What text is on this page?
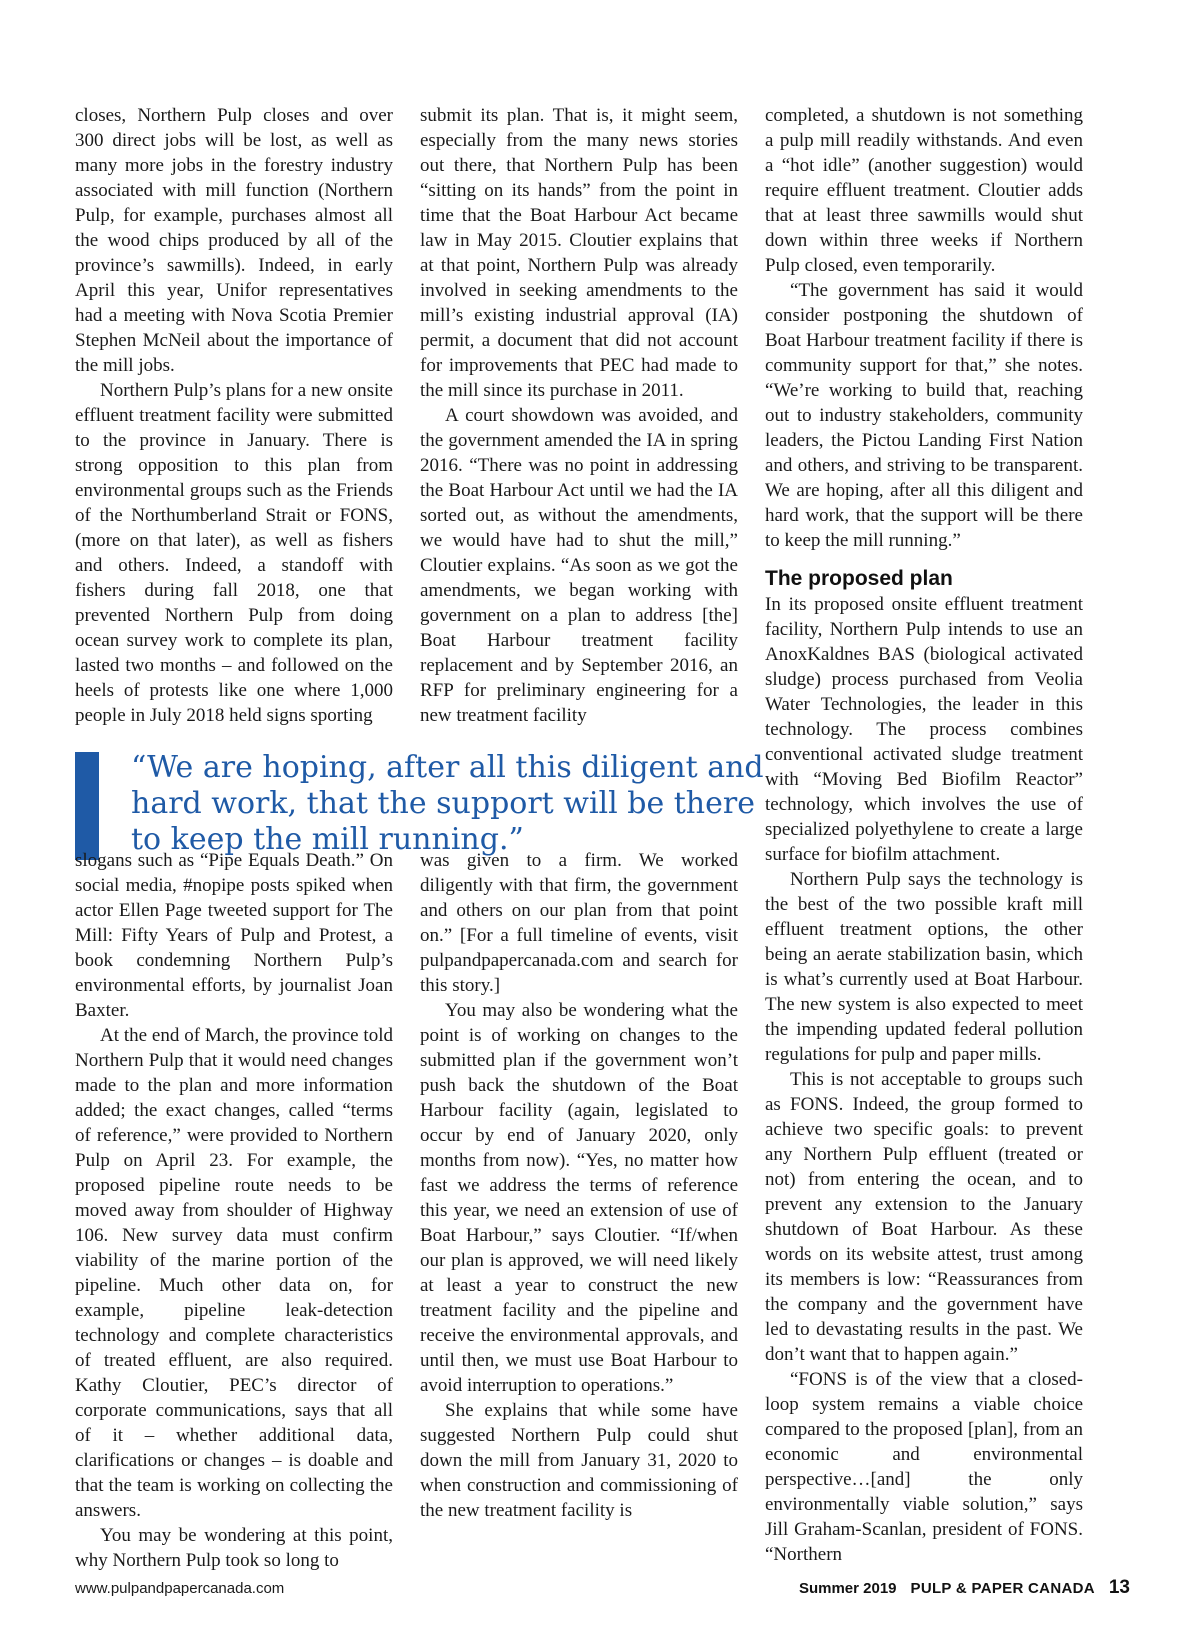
closes, Northern Pulp closes and over 300 direct jobs will be lost, as well as many more jobs in the forestry industry associated with mill function (Northern Pulp, for example, purchases almost all the wood chips produced by all of the province’s sawmills). Indeed, in early April this year, Unifor representatives had a meeting with Nova Scotia Premier Stephen McNeil about the importance of the mill jobs.

Northern Pulp’s plans for a new onsite effluent treatment facility were submitted to the province in January. There is strong opposition to this plan from environmental groups such as the Friends of the Northumberland Strait or FONS, (more on that later), as well as fishers and others. Indeed, a standoff with fishers during fall 2018, one that prevented Northern Pulp from doing ocean survey work to complete its plan, lasted two months – and followed on the heels of protests like one where 1,000 people in July 2018 held signs sporting

submit its plan. That is, it might seem, especially from the many news stories out there, that Northern Pulp has been “sitting on its hands” from the point in time that the Boat Harbour Act became law in May 2015. Cloutier explains that at that point, Northern Pulp was already involved in seeking amendments to the mill’s existing industrial approval (IA) permit, a document that did not account for improvements that PEC had made to the mill since its purchase in 2011.

A court showdown was avoided, and the government amended the IA in spring 2016. “There was no point in addressing the Boat Harbour Act until we had the IA sorted out, as without the amendments, we would have had to shut the mill,” Cloutier explains. “As soon as we got the amendments, we began working with government on a plan to address [the] Boat Harbour treatment facility replacement and by September 2016, an RFP for preliminary engineering for a new treatment facility

completed, a shutdown is not something a pulp mill readily withstands. And even a “hot idle” (another suggestion) would require effluent treatment. Cloutier adds that at least three sawmills would shut down within three weeks if Northern Pulp closed, even temporarily.

“The government has said it would consider postponing the shutdown of Boat Harbour treatment facility if there is community support for that,” she notes. “We’re working to build that, reaching out to industry stakeholders, community leaders, the Pictou Landing First Nation and others, and striving to be transparent. We are hoping, after all this diligent and hard work, that the support will be there to keep the mill running.”

The proposed plan

In its proposed onsite effluent treatment facility, Northern Pulp intends to use an AnoxKaldnes BAS (biological activated sludge) process purchased from Veolia Water Technologies, the leader in this technology. The process combines conventional activated sludge treatment with “Moving Bed Biofilm Reactor” technology, which involves the use of specialized polyethylene to create a large surface for biofilm attachment.

Northern Pulp says the technology is the best of the two possible kraft mill effluent treatment options, the other being an aerate stabilization basin, which is what’s currently used at Boat Harbour. The new system is also expected to meet the impending updated federal pollution regulations for pulp and paper mills.

This is not acceptable to groups such as FONS. Indeed, the group formed to achieve two specific goals: to prevent any Northern Pulp effluent (treated or not) from entering the ocean, and to prevent any extension to the January shutdown of Boat Harbour. As these words on its website attest, trust among its members is low: “Reassurances from the company and the government have led to devastating results in the past. We don’t want that to happen again.”

“FONS is of the view that a closed-loop system remains a viable choice compared to the proposed [plan], from an economic and environmental perspective…[and] the only environmentally viable solution,” says Jill Graham-Scanlan, president of FONS. “Northern

“We are hoping, after all this diligent and hard work, that the support will be there to keep the mill running.”

slogans such as “Pipe Equals Death.” On social media, #nopipe posts spiked when actor Ellen Page tweeted support for The Mill: Fifty Years of Pulp and Protest, a book condemning Northern Pulp’s environmental efforts, by journalist Joan Baxter.

At the end of March, the province told Northern Pulp that it would need changes made to the plan and more information added; the exact changes, called “terms of reference,” were provided to Northern Pulp on April 23. For example, the proposed pipeline route needs to be moved away from shoulder of Highway 106. New survey data must confirm viability of the marine portion of the pipeline. Much other data on, for example, pipeline leak-detection technology and complete characteristics of treated effluent, are also required. Kathy Cloutier, PEC’s director of corporate communications, says that all of it – whether additional data, clarifications or changes – is doable and that the team is working on collecting the answers.

You may be wondering at this point, why Northern Pulp took so long to

was given to a firm. We worked diligently with that firm, the government and others on our plan from that point on.” [For a full timeline of events, visit pulpandpapercanada.com and search for this story.]

You may also be wondering what the point is of working on changes to the submitted plan if the government won’t push back the shutdown of the Boat Harbour facility (again, legislated to occur by end of January 2020, only months from now). “Yes, no matter how fast we address the terms of reference this year, we need an extension of use of Boat Harbour,” says Cloutier. “If/when our plan is approved, we will need likely at least a year to construct the new treatment facility and the pipeline and receive the environmental approvals, and until then, we must use Boat Harbour to avoid interruption to operations.”

She explains that while some have suggested Northern Pulp could shut down the mill from January 31, 2020 to when construction and commissioning of the new treatment facility is

www.pulpandpapercanada.com	Summer 2019 PULP & PAPER CANADA 13
